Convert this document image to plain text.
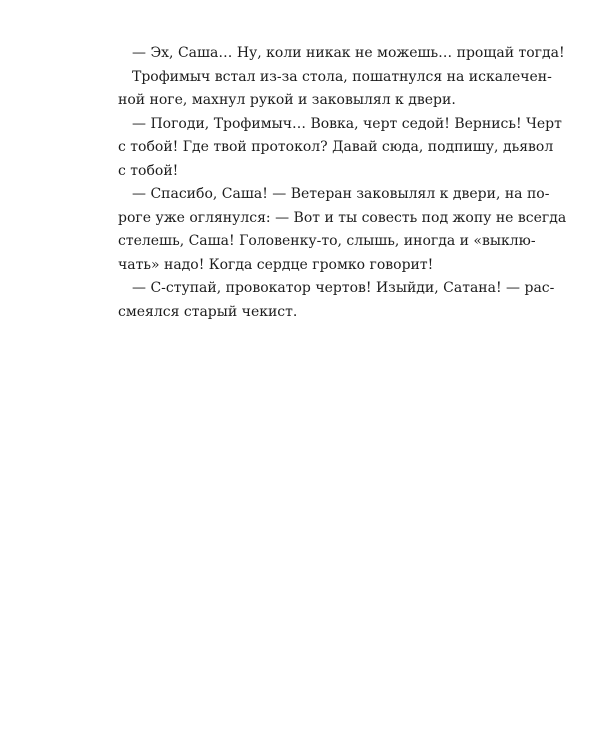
— Эх, Саша… Ну, коли никак не можешь… прощай тогда!
Трофимыч встал из-за стола, пошатнулся на искалечен-
ной ноге, махнул рукой и заковылял к двери.
— Погоди, Трофимыч… Вовка, черт седой! Вернись! Черт
с тобой! Где твой протокол? Давай сюда, подпишу, дьявол
с тобой!
— Спасибо, Саша! — Ветеран заковылял к двери, на по-
роге уже оглянулся: — Вот и ты совесть под жопу не всегда
стелешь, Саша! Головенку-то, слышь, иногда и «выклю-
чать» надо! Когда сердце громко говорит!
— С-ступай, провокатор чертов! Изыйди, Сатана! — рас-
смеялся старый чекист.
